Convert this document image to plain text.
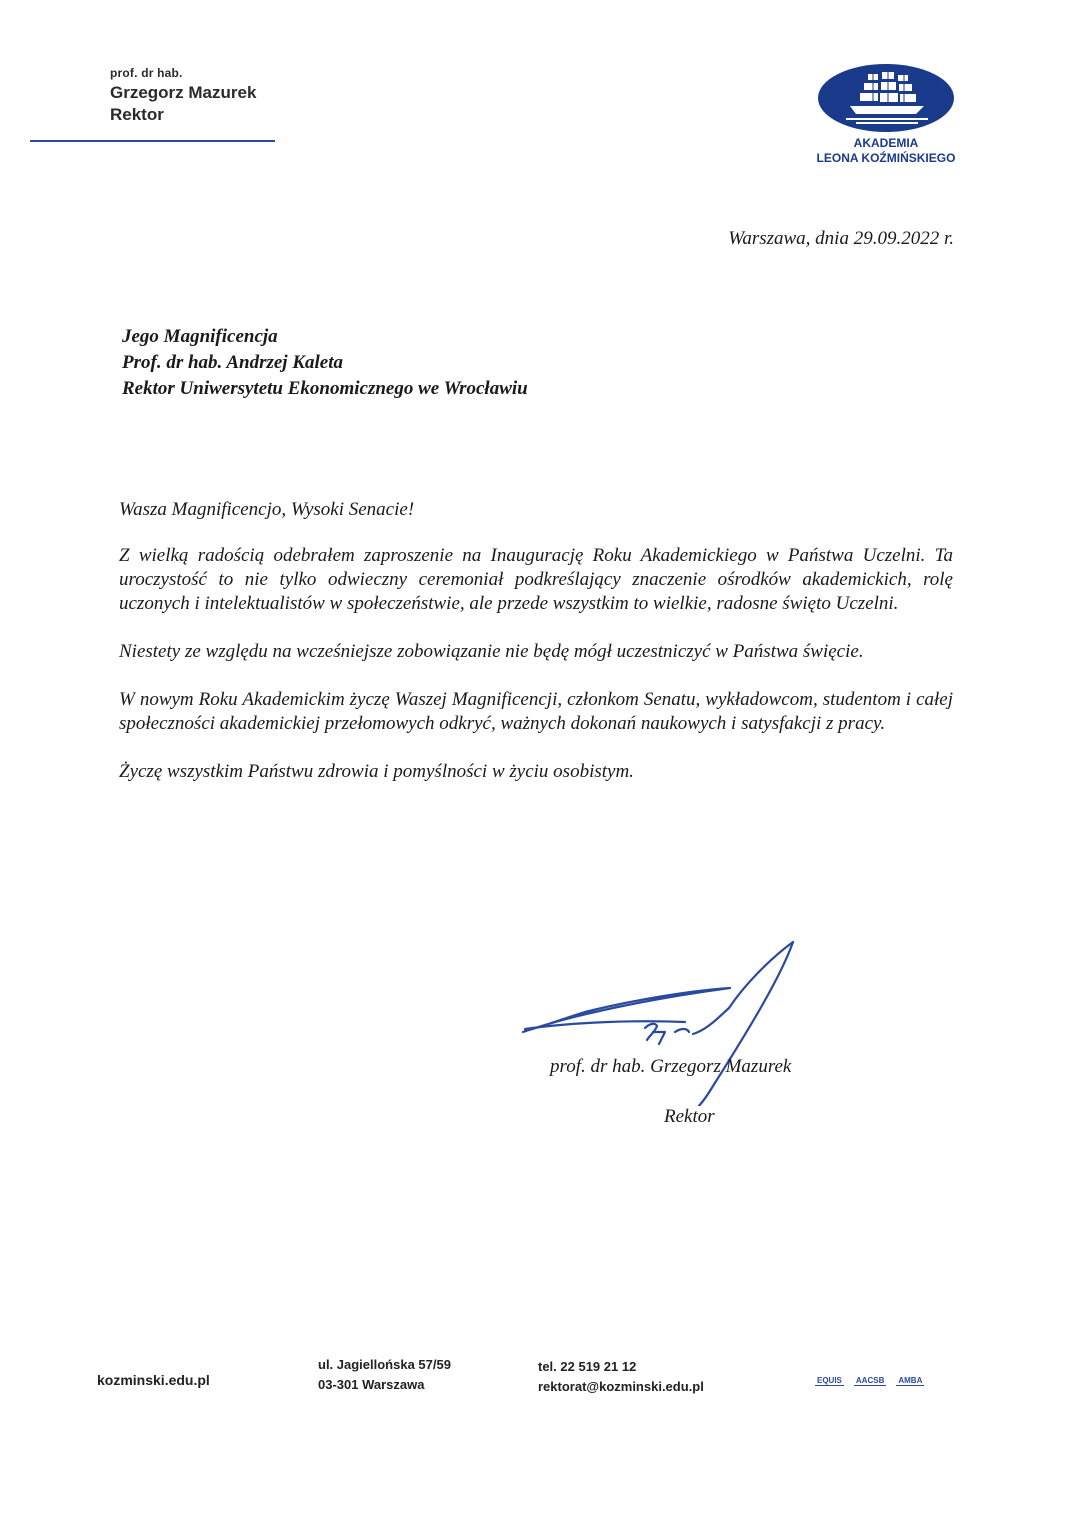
prof. dr hab.
Grzegorz Mazurek
Rektor
AKADEMIA
LEONA KOŹMIŃSKIEGO
Warszawa, dnia 29.09.2022 r.
Jego Magnificencja
Prof. dr hab. Andrzej Kaleta
Rektor Uniwersytetu Ekonomicznego we Wrocławiu

Wasza Magnificencjo, Wysoki Senacie!

Z wielką radością odebrałem zaproszenie na Inaugurację Roku Akademickiego w Państwa Uczelni. Ta uroczystość to nie tylko odwieczny ceremoniał podkreślający znaczenie ośrodków akademickich, rolę uczonych i intelektualistów w społeczeństwie, ale przede wszystkim to wielkie, radosne święto Uczelni.

Niestety ze względu na wcześniejsze zobowiązanie nie będę mógł uczestniczyć w Państwa święcie.

W nowym Roku Akademickim życzę Waszej Magnificencji, członkom Senatu, wykładowcom, studentom i całej społeczności akademickiej przełomowych odkryć, ważnych dokonań naukowych i satysfakcji z pracy.

Życzę wszystkim Państwu zdrowia i pomyślności w życiu osobistym.

prof. dr hab. Grzegorz Mazurek
Rektor
kozminski.edu.pl
ul. Jagiellońska 57/59
03-301 Warszawa
tel. 22 519 21 12
rektorat@kozminski.edu.pl	EQUIS AACSB AMBA
